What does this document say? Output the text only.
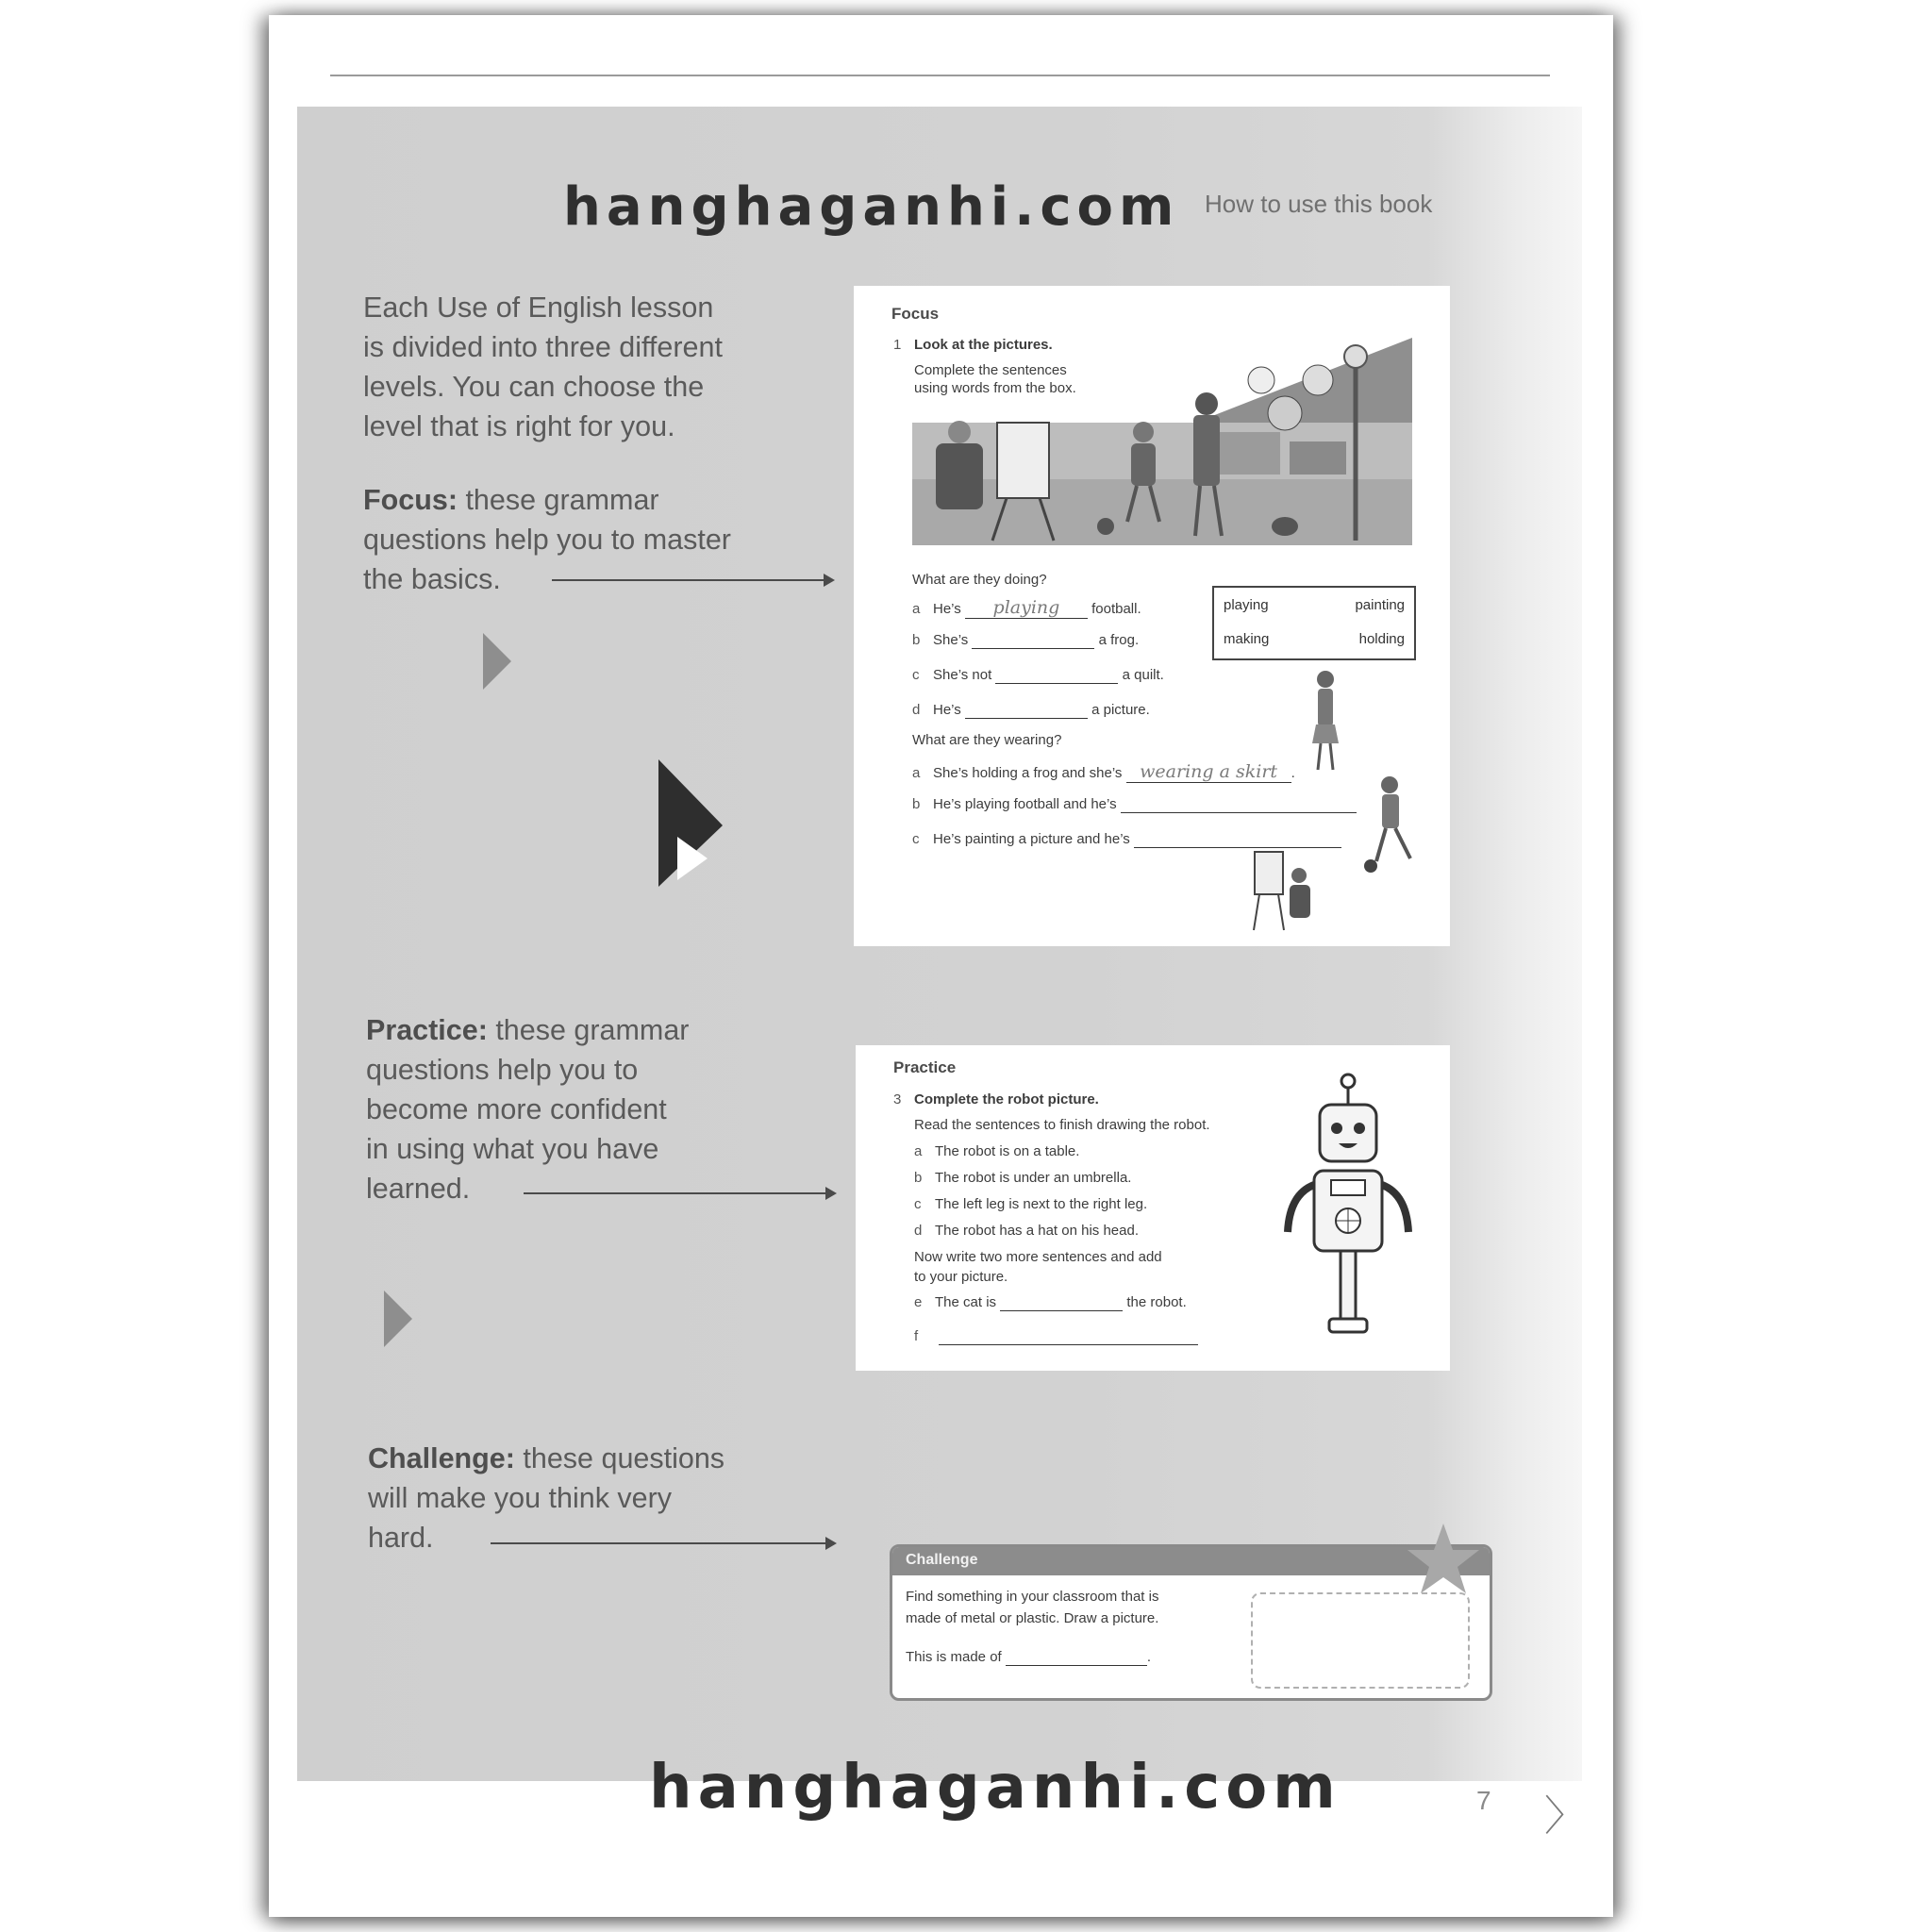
hanghaganhi.com How to use this book
Each Use of English lesson
is divided into three different
levels. You can choose the
level that is right for you.
Focus: these grammar
questions help you to master
the basics.
Practice: these grammar
questions help you to
become more confident
in using what you have
learned.
Challenge: these questions
will make you think very
hard.
Focus
1 Look at the pictures.
Complete the sentences
using words from the box.
What are they doing?
a He’s playing football.
b She’s	a frog.
c She’s not	a quilt.
d He’s	a picture.
playing	painting
making	holding
What are they wearing?
a She’s holding a frog and she’s wearing a skirt .
b He’s playing football and he’s
c He’s painting a picture and he’s
Practice
3 Complete the robot picture.
Read the sentences to finish drawing the robot.
a The robot is on a table.
b The robot is under an umbrella.
c The left leg is next to the right leg.
d The robot has a hat on his head.
Now write two more sentences and add
to your picture.
e The cat is	the robot.
f
Challenge
Find something in your classroom that is
made of metal or plastic. Draw a picture.
This is made of	.
7 〉
hanghaganhi.com
